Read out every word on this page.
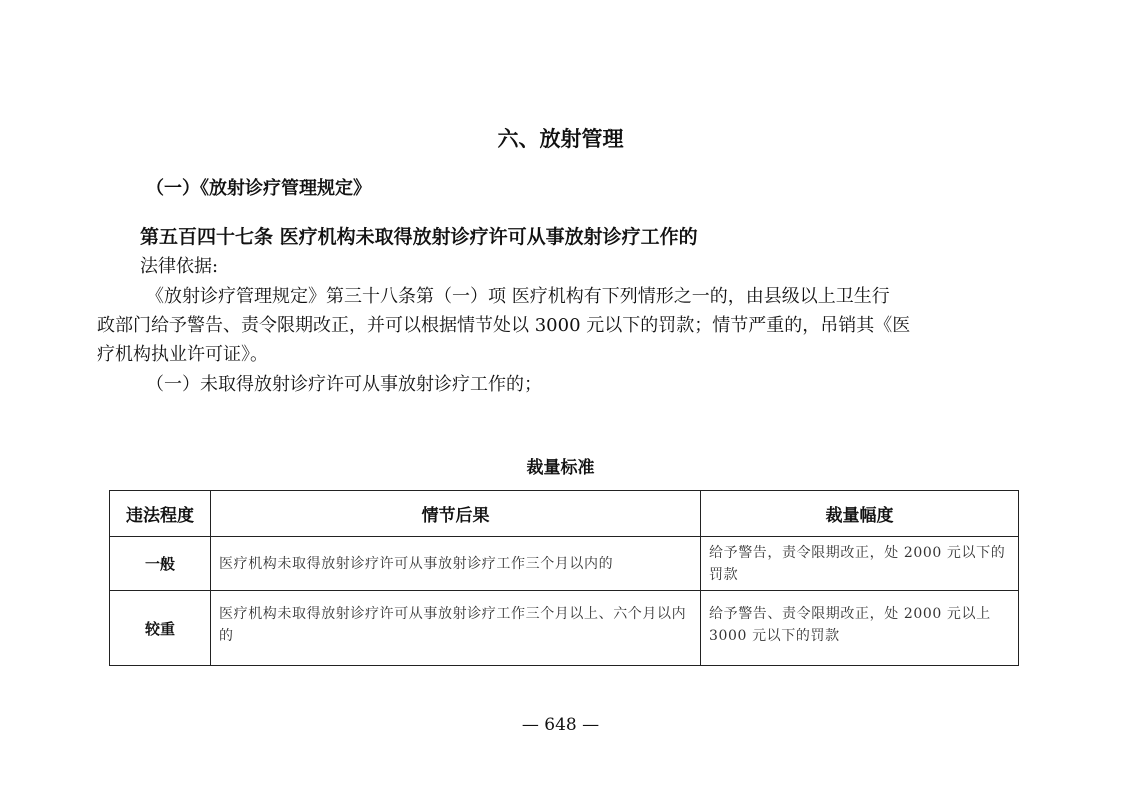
六、放射管理
（一）《放射诊疗管理规定》
第五百四十七条 医疗机构未取得放射诊疗许可从事放射诊疗工作的
法律依据:
《放射诊疗管理规定》第三十八条第（一）项 医疗机构有下列情形之一的，由县级以上卫生行
政部门给予警告、责令限期改正，并可以根据情节处以 3000 元以下的罚款；情节严重的，吊销其《医
疗机构执业许可证》。
（一）未取得放射诊疗许可从事放射诊疗工作的；
裁量标准
违法程度	情节后果	裁量幅度
一般	医疗机构未取得放射诊疗许可从事放射诊疗工作三个月以内的	给予警告，责令限期改正，处 2000 元以下的罚款
较重	医疗机构未取得放射诊疗许可从事放射诊疗工作三个月以上、六个月以内的	给予警告、责令限期改正，处 2000 元以上 3000 元以下的罚款
— 648 —
